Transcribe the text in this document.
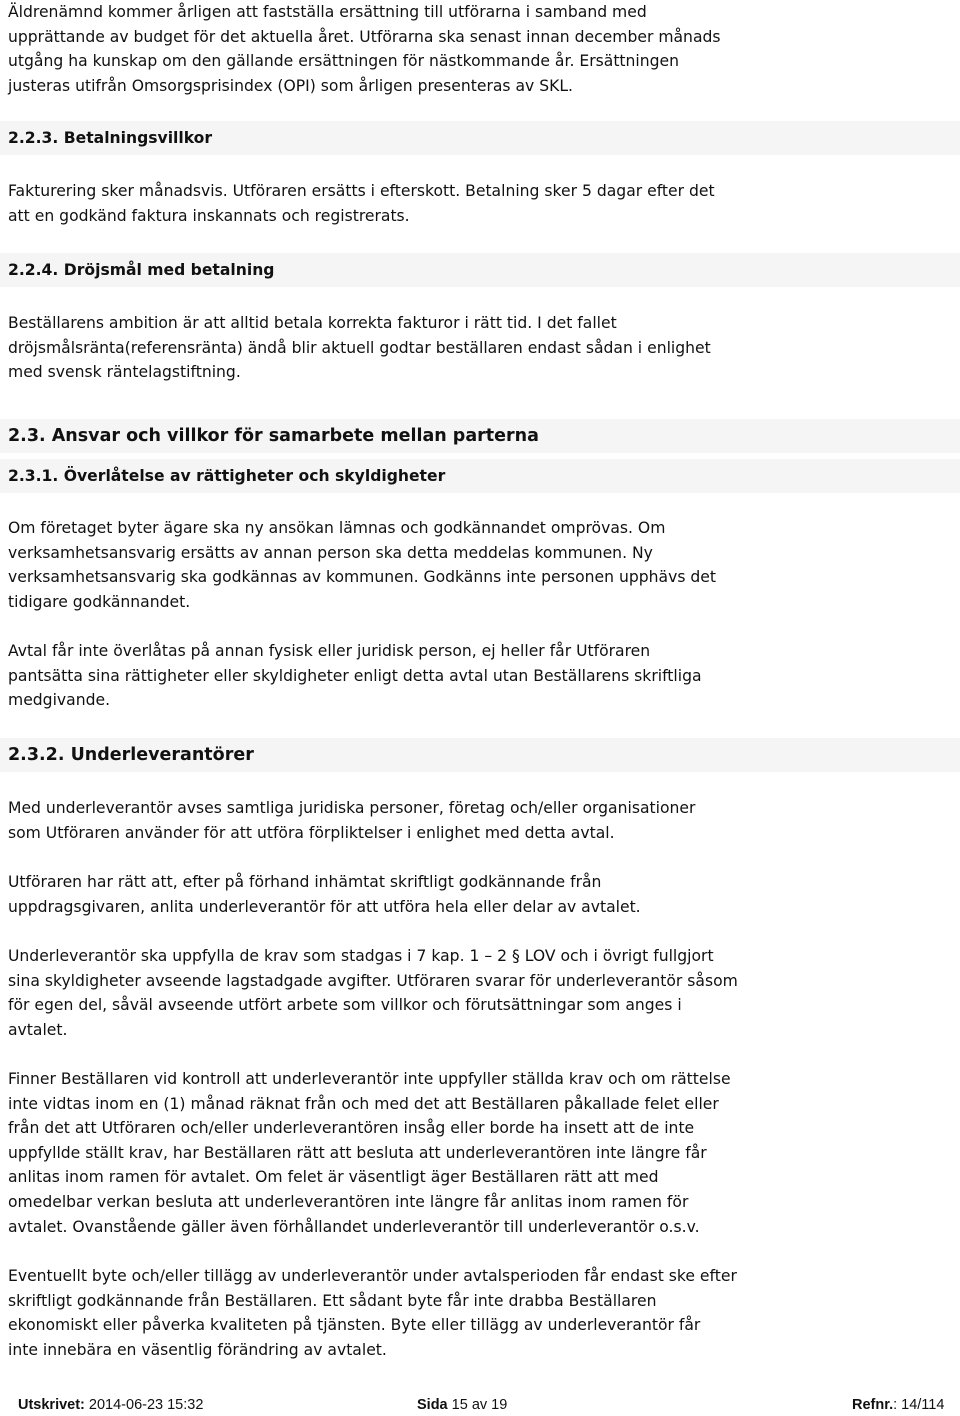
Äldrenämnd kommer årligen att fastställa ersättning till utförarna i samband med

upprättande av budget för det aktuella året. Utförarna ska senast innan december månads

utgång ha kunskap om den gällande ersättningen för nästkommande år. Ersättningen

justeras utifrån Omsorgsprisindex (OPI) som årligen presenteras av SKL.

2.2.3. Betalningsvillkor

Fakturering sker månadsvis. Utföraren ersätts i efterskott. Betalning sker 5 dagar efter det

att en godkänd faktura inskannats och registrerats.

2.2.4. Dröjsmål med betalning

Beställarens ambition är att alltid betala korrekta fakturor i rätt tid. I det fallet

dröjsmålsränta(referensränta) ändå blir aktuell godtar beställaren endast sådan i enlighet

med svensk räntelagstiftning.

2.3. Ansvar och villkor för samarbete mellan parterna
2.3.1. Överlåtelse av rättigheter och skyldigheter

Om företaget byter ägare ska ny ansökan lämnas och godkännandet omprövas. Om

verksamhetsansvarig ersätts av annan person ska detta meddelas kommunen. Ny

verksamhetsansvarig ska godkännas av kommunen. Godkänns inte personen upphävs det

tidigare godkännandet.

Avtal får inte överlåtas på annan fysisk eller juridisk person, ej heller får Utföraren

pantsätta sina rättigheter eller skyldigheter enligt detta avtal utan Beställarens skriftliga

medgivande.

2.3.2. Underleverantörer

Med underleverantör avses samtliga juridiska personer, företag och/eller organisationer

som Utföraren använder för att utföra förpliktelser i enlighet med detta avtal.

Utföraren har rätt att, efter på förhand inhämtat skriftligt godkännande från

uppdragsgivaren, anlita underleverantör för att utföra hela eller delar av avtalet.

Underleverantör ska uppfylla de krav som stadgas i 7 kap. 1 – 2 § LOV och i övrigt fullgjort

sina skyldigheter avseende lagstadgade avgifter. Utföraren svarar för underleverantör såsom

för egen del, såväl avseende utfört arbete som villkor och förutsättningar som anges i

avtalet.

Finner Beställaren vid kontroll att underleverantör inte uppfyller ställda krav och om rättelse

inte vidtas inom en (1) månad räknat från och med det att Beställaren påkallade felet eller

från det att Utföraren och/eller underleverantören insåg eller borde ha insett att de inte

uppfyllde ställt krav, har Beställaren rätt att besluta att underleverantören inte längre får

anlitas inom ramen för avtalet. Om felet är väsentligt äger Beställaren rätt att med

omedelbar verkan besluta att underleverantören inte längre får anlitas inom ramen för

avtalet. Ovanstående gäller även förhållandet underleverantör till underleverantör o.s.v.

Eventuellt byte och/eller tillägg av underleverantör under avtalsperioden får endast ske efter

skriftligt godkännande från Beställaren. Ett sådant byte får inte drabba Beställaren

ekonomiskt eller påverka kvaliteten på tjänsten. Byte eller tillägg av underleverantör får

inte innebära en väsentlig förändring av avtalet.

Utskrivet: 2014-06-23 15:32	Sida 15 av 19	Refnr.: 14/114
